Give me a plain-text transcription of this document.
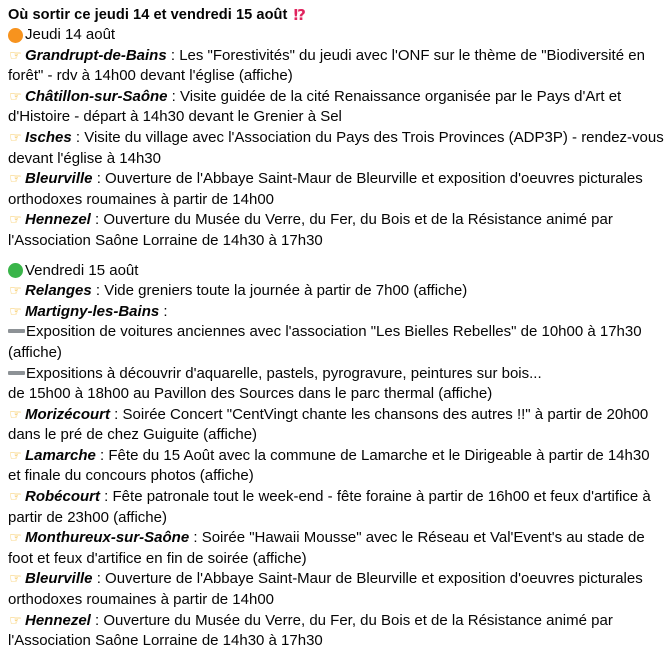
Où sortir ce jeudi 14 et vendredi 15 août ⁉
Jeudi 14 août
☞ Grandrupt-de-Bains : Les "Forestivités" du jeudi avec l'ONF sur le thème de "Biodiversité en forêt" - rdv à 14h00 devant l'église (affiche)
☞ Châtillon-sur-Saône : Visite guidée de la cité Renaissance organisée par le Pays d'Art et d'Histoire - départ à 14h30 devant le Grenier à Sel
☞ Isches : Visite du village avec l'Association du Pays des Trois Provinces (ADP3P) - rendez-vous devant l'église à 14h30
☞ Bleurville : Ouverture de l'Abbaye Saint-Maur de Bleurville et exposition d'oeuvres picturales orthodoxes roumaines à partir de 14h00
☞ Hennezel : Ouverture du Musée du Verre, du Fer, du Bois et de la Résistance animé par l'Association Saône Lorraine de 14h30 à 17h30
Vendredi 15 août
☞ Relanges : Vide greniers toute la journée à partir de 7h00 (affiche)
☞ Martigny-les-Bains :
Exposition de voitures anciennes avec l'association "Les Bielles Rebelles" de 10h00 à 17h30 (affiche)
Expositions à découvrir d'aquarelle, pastels, pyrogravure, peintures sur bois...
de 15h00 à 18h00 au Pavillon des Sources dans le parc thermal (affiche)
☞ Morizécourt : Soirée Concert "CentVingt chante les chansons des autres !!" à partir de 20h00 dans le pré de chez Guiguite (affiche)
☞ Lamarche : Fête du 15 Août avec la commune de Lamarche et le Dirigeable à partir de 14h30 et finale du concours photos (affiche)
☞ Robécourt : Fête patronale tout le week-end - fête foraine à partir de 16h00 et feux d'artifice à partir de 23h00 (affiche)
☞ Monthureux-sur-Saône : Soirée "Hawaii Mousse" avec le Réseau et Val'Event's au stade de foot et feux d'artifice en fin de soirée (affiche)
☞ Bleurville : Ouverture de l'Abbaye Saint-Maur de Bleurville et exposition d'oeuvres picturales orthodoxes roumaines à partir de 14h00
☞ Hennezel : Ouverture du Musée du Verre, du Fer, du Bois et de la Résistance animé par l'Association Saône Lorraine de 14h30 à 17h30
